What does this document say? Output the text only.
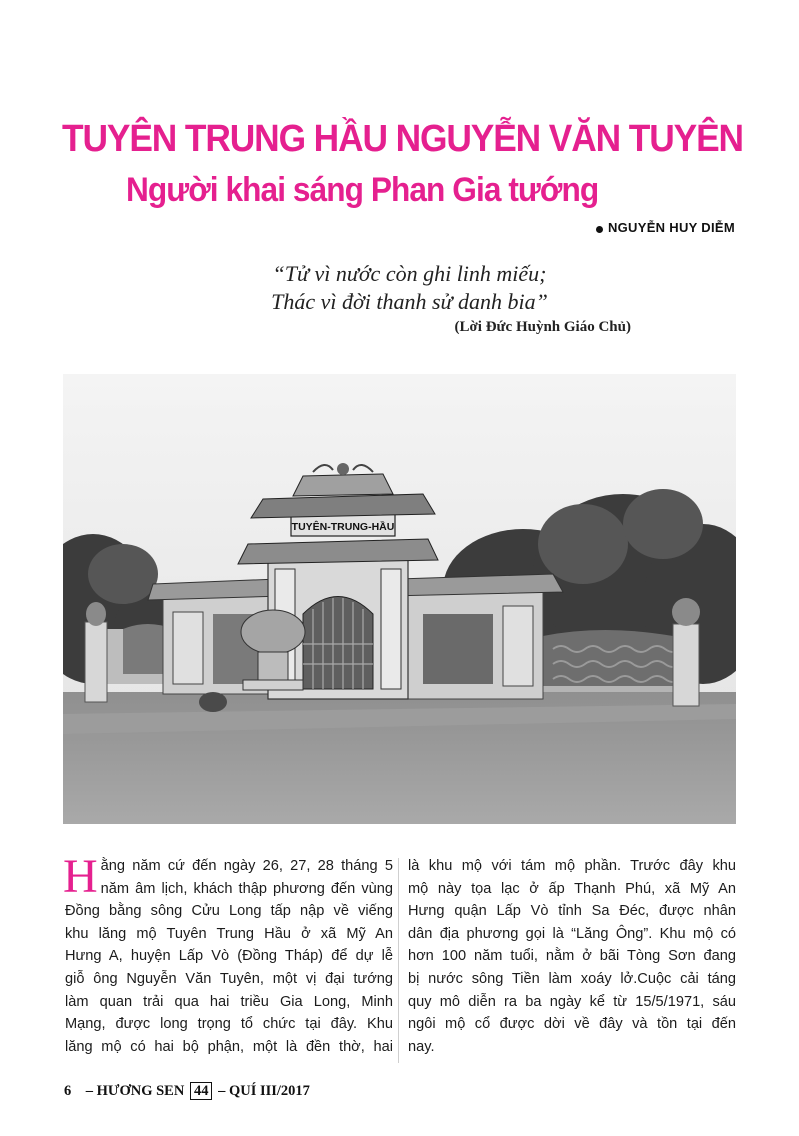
TUYÊN TRUNG HẦU NGUYỄN VĂN TUYÊN
Người khai sáng Phan Gia tướng
NGUYỄN HUY DIỄM
“Tử vì nước còn ghi linh miếu;
Thác vì đời thanh sử danh bia”
(Lời Đức Huỳnh Giáo Chủ)
TUYÊN-TRUNG-HẦU
H ằng năm cứ đến ngày 26, 27, 28 tháng 5
năm âm lịch, khách thập phương đến vùng
Đồng bằng sông Cửu Long tấp nập về viếng
khu lăng mộ Tuyên Trung Hầu ở xã Mỹ An
Hưng A, huyện Lấp Vò (Đồng Tháp) để dự lễ
giỗ ông Nguyễn Văn Tuyên, một vị đại tướng
làm quan trải qua hai triều Gia Long, Minh
Mạng, được long trọng tổ chức tại đây. Khu
lăng mộ có hai bộ phận, một là đền thờ, hai
là khu mộ với tám mộ phần. Trước đây khu
mộ này tọa lạc ở ấp Thạnh Phú, xã Mỹ An
Hưng quận Lấp Vò tỉnh Sa Đéc, được nhân
dân địa phương gọi là “Lăng Ông”. Khu mộ có
hơn 100 năm tuổi, nằm ở bãi Tòng Sơn đang
bị nước sông Tiền làm xoáy lở.Cuộc cải táng
quy mô diễn ra ba ngày kể từ 15/5/1971, sáu
ngôi mộ cổ được dời về đây và tồn tại đến
nay.
6 – HƯƠNG SEN 44 – QUÍ III/2017
